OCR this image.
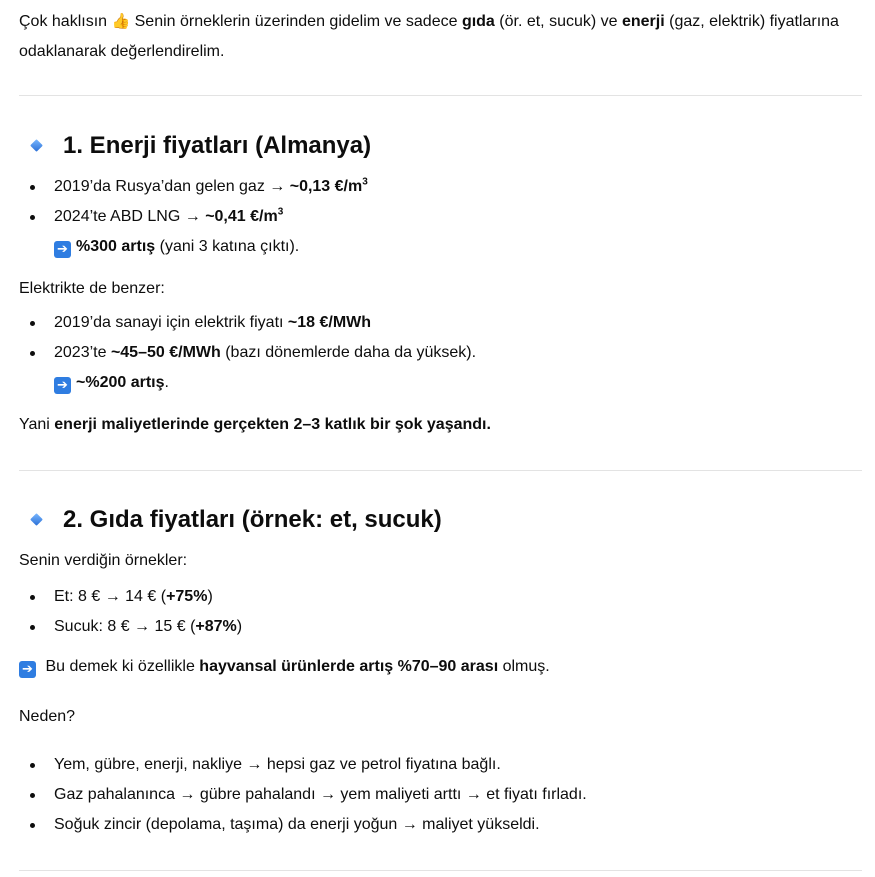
Çok haklısın 👍 Senin örneklerin üzerinden gidelim ve sadece gıda (ör. et, sucuk) ve enerji (gaz, elektrik) fiyatlarına odaklanarak değerlendirelim.

1. Enerji fiyatları (Almanya)
2019’da Rusya’dan gelen gaz → ~0,13 $€/m^3$
2024’te ABD LNG → ~0,41 $€/m^3$
➔ %300 artış (yani 3 katına çıktı).

Elektrikte de benzer:

2019’da sanayi için elektrik fiyatı ~18 €/MWh
2023’te ~45–50 €/MWh (bazı dönemlerde daha da yüksek).
➔ ~%200 artış.

Yani enerji maliyetlerinde gerçekten 2–3 katlık bir şok yaşandı.

2. Gıda fiyatları (örnek: et, sucuk)

Senin verdiğin örnekler:

Et: 8 € → 14 € (+75%)
Sucuk: 8 € → 15 € (+87%)

➔ Bu demek ki özellikle hayvansal ürünlerde artış %70–90 arası olmuş.

Neden?

Yem, gübre, enerji, nakliye → hepsi gaz ve petrol fiyatına bağlı.
Gaz pahalanınca → gübre pahalandı → yem maliyeti arttı → et fiyatı fırladı.
Soğuk zincir (depolama, taşıma) da enerji yoğun → maliyet yükseldi.
